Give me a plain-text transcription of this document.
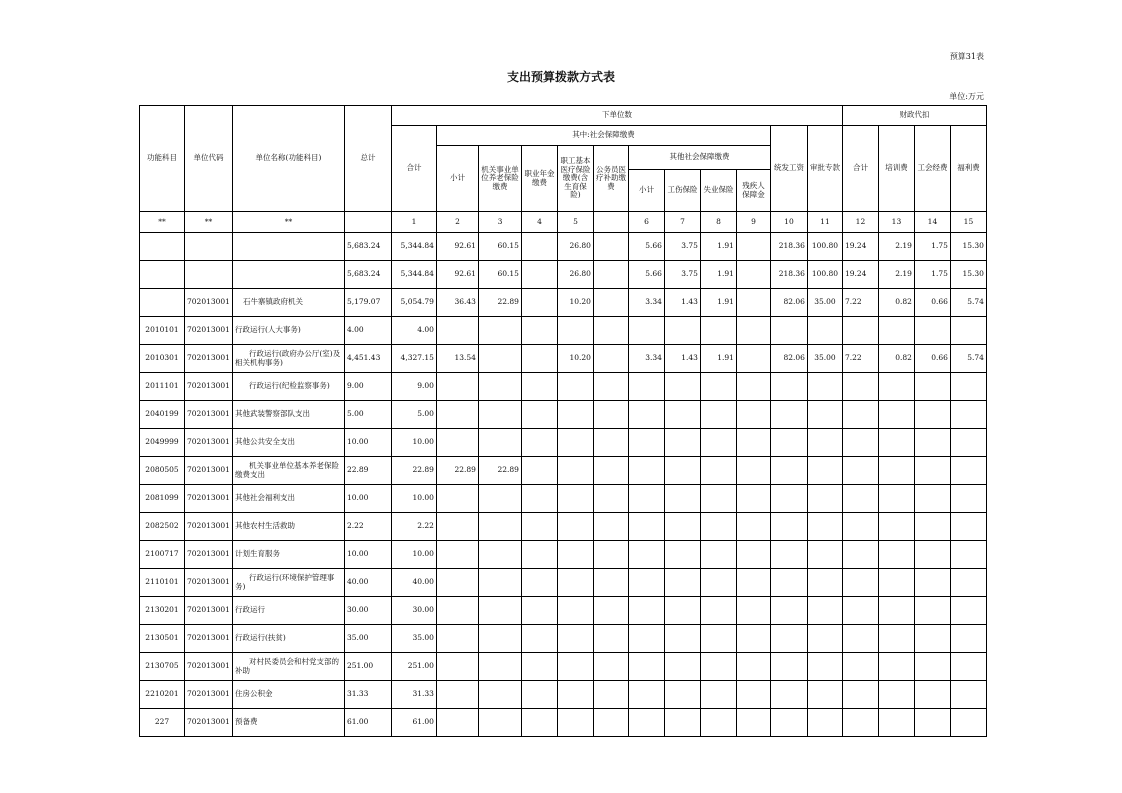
预算31表
支出预算拨款方式表
单位:万元
功能科目	单位代码	单位名称(功能科目)	总计	下单位数												财政代扣			
				合计	其中:社会保障缴费									统发工资	审批专款	合计	培训费	工会经费	福利费
					小计	机关事业单位养老保险缴费	职业年金缴费	职工基本医疗保险缴费(含生育保险)	公务员医疗补助缴费	其他社会保障缴费									
										小计	工伤保险	失业保险	残疾人保障金						
**	**	**		1	2	3	4	5		6	7	8	9	10	11	12	13	14	15
			5,683.24	5,344.84	92.61	60.15		26.80		5.66	3.75	1.91		218.36	100.80	19.24	2.19	1.75	15.30
			5,683.24	5,344.84	92.61	60.15		26.80		5.66	3.75	1.91		218.36	100.80	19.24	2.19	1.75	15.30
	702013001	石牛寨镇政府机关	5,179.07	5,054.79	36.43	22.89		10.20		3.34	1.43	1.91		82.06	35.00	7.22	0.82	0.66	5.74
2010101	702013001	行政运行(人大事务)	4.00	4.00															
2010301	702013001	行政运行(政府办公厅(室)及相关机构事务)	4,451.43	4,327.15	13.54			10.20		3.34	1.43	1.91		82.06	35.00	7.22	0.82	0.66	5.74
2011101	702013001	行政运行(纪检监察事务)	9.00	9.00															
2040199	702013001	其他武装警察部队支出	5.00	5.00															
2049999	702013001	其他公共安全支出	10.00	10.00															
2080505	702013001	机关事业单位基本养老保险缴费支出	22.89	22.89	22.89	22.89													
2081099	702013001	其他社会福利支出	10.00	10.00															
2082502	702013001	其他农村生活救助	2.22	2.22															
2100717	702013001	计划生育服务	10.00	10.00															
2110101	702013001	行政运行(环境保护管理事务)	40.00	40.00															
2130201	702013001	行政运行	30.00	30.00															
2130501	702013001	行政运行(扶贫)	35.00	35.00															
2130705	702013001	对村民委员会和村党支部的补助	251.00	251.00															
2210201	702013001	住房公积金	31.33	31.33															
227	702013001	预备费	61.00	61.00															
